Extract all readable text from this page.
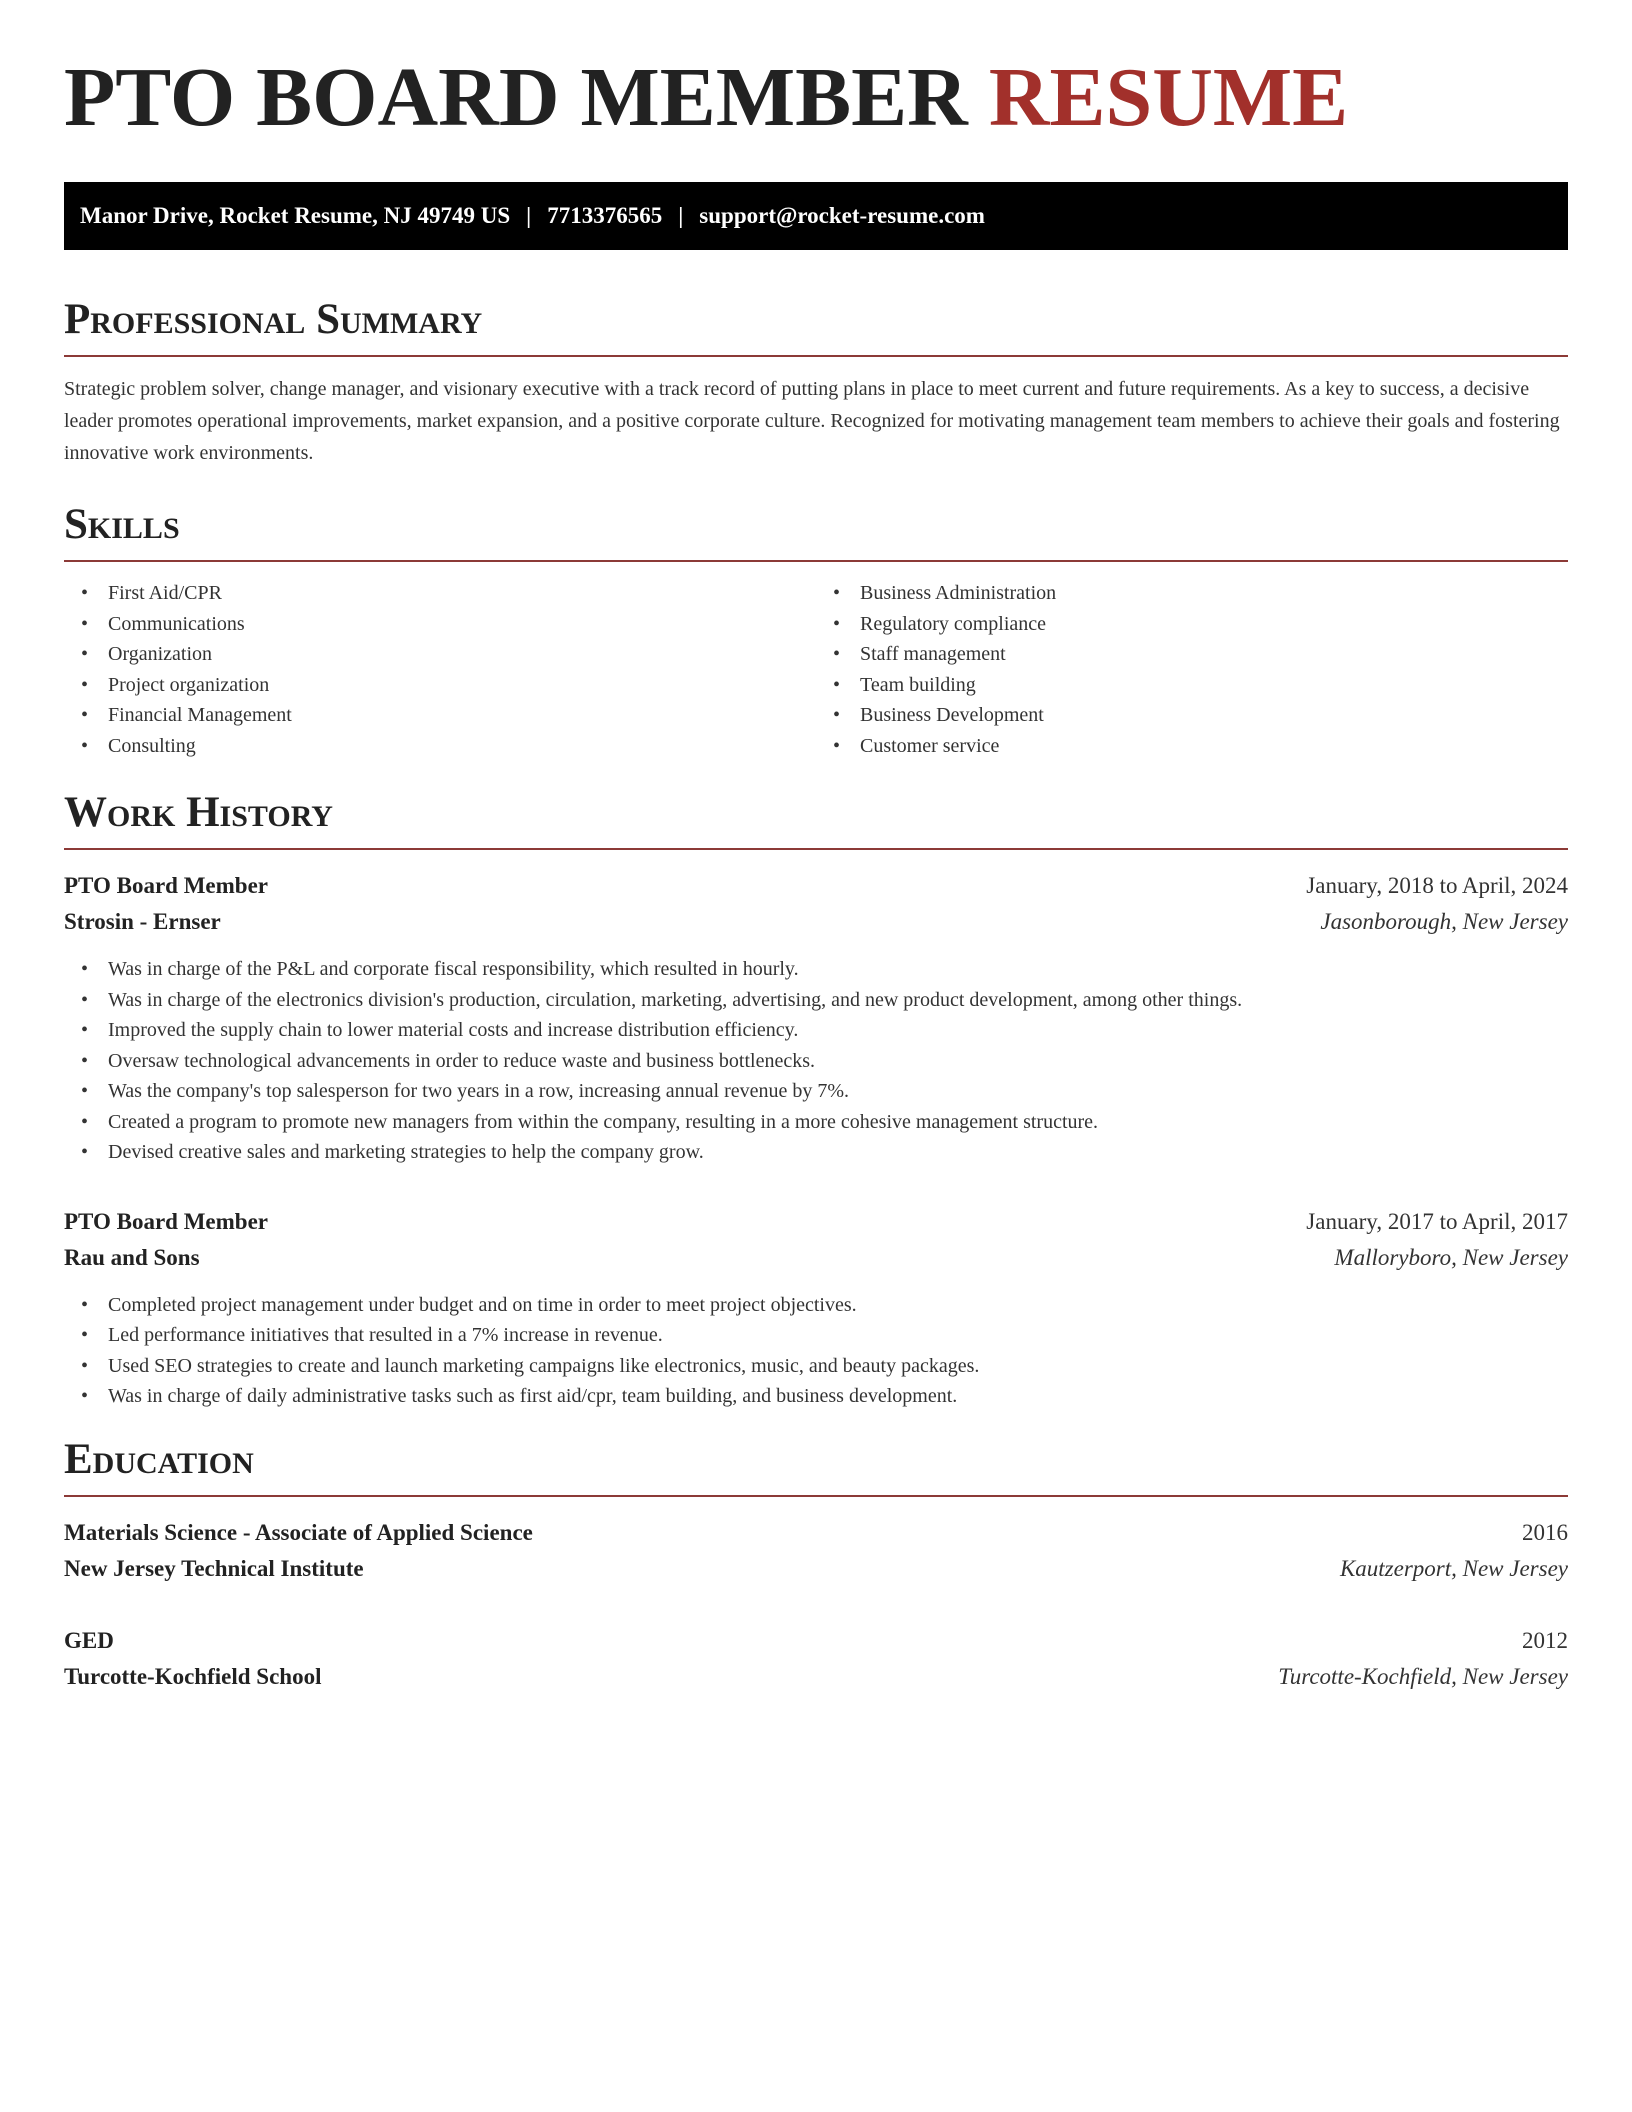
PTO BOARD MEMBER RESUME
Manor Drive, Rocket Resume, NJ 49749 US | 7713376565 | support@rocket-resume.com
Professional Summary

Strategic problem solver, change manager, and visionary executive with a track record of putting plans in place to meet current and future requirements. As a key to success, a decisive leader promotes operational improvements, market expansion, and a positive corporate culture. Recognized for motivating management team members to achieve their goals and fostering innovative work environments.

Skills
• First Aid/CPR
• Communications
• Organization
• Project organization
• Financial Management
• Consulting
• Business Administration
• Regulatory compliance
• Staff management
• Team building
• Business Development
• Customer service
Work History
PTO Board Member	January, 2018 to April, 2024
Strosin - Ernser	Jasonborough, New Jersey
• Was in charge of the P&L and corporate fiscal responsibility, which resulted in hourly.
• Was in charge of the electronics division's production, circulation, marketing, advertising, and new product development, among other things.
• Improved the supply chain to lower material costs and increase distribution efficiency.
• Oversaw technological advancements in order to reduce waste and business bottlenecks.
• Was the company's top salesperson for two years in a row, increasing annual revenue by 7%.
• Created a program to promote new managers from within the company, resulting in a more cohesive management structure.
• Devised creative sales and marketing strategies to help the company grow.
PTO Board Member	January, 2017 to April, 2017
Rau and Sons	Malloryboro, New Jersey
• Completed project management under budget and on time in order to meet project objectives.
• Led performance initiatives that resulted in a 7% increase in revenue.
• Used SEO strategies to create and launch marketing campaigns like electronics, music, and beauty packages.
• Was in charge of daily administrative tasks such as first aid/cpr, team building, and business development.
Education
Materials Science - Associate of Applied Science	2016
New Jersey Technical Institute	Kautzerport, New Jersey
GED	2012
Turcotte-Kochfield School	Turcotte-Kochfield, New Jersey
